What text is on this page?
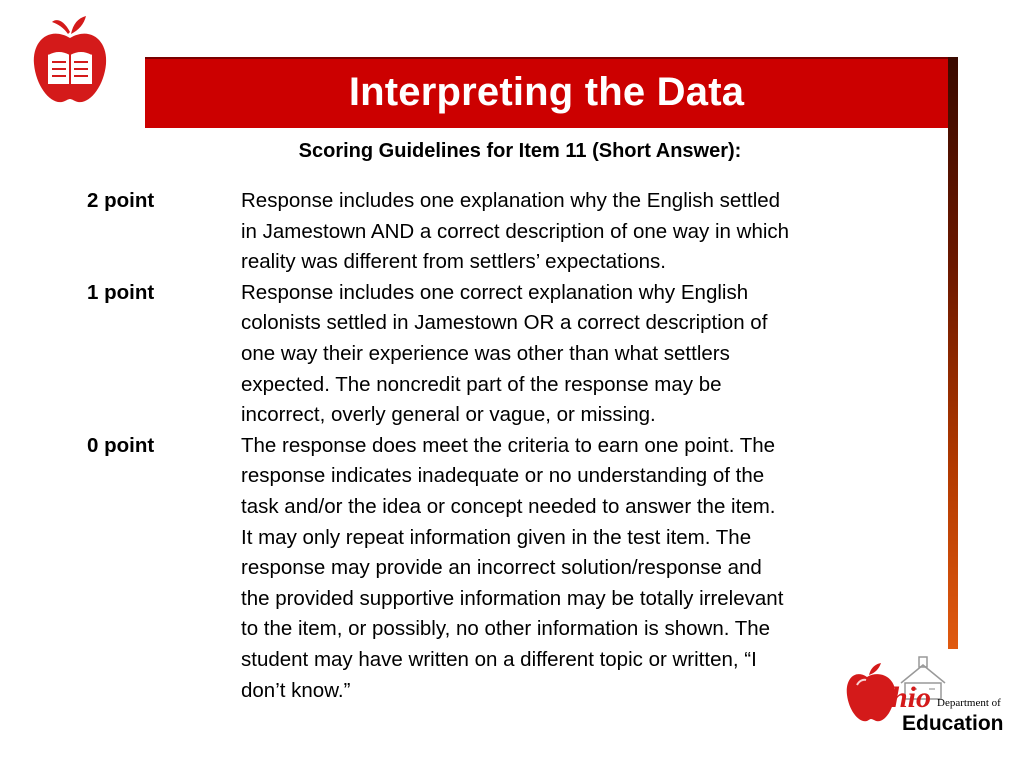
Interpreting the Data
Scoring Guidelines for Item 11 (Short Answer):
2 point	Response includes one explanation why the English settled
in Jamestown AND a correct description of one way in which
reality was different from settlers’ expectations.
1 point	Response includes one correct explanation why English
colonists settled in Jamestown OR a correct description of
one way their experience was other than what settlers
expected. The noncredit part of the response may be
incorrect, overly general or vague, or missing.
0 point	The response does meet the criteria to earn one point. The
response indicates inadequate or no understanding of the
task and/or the idea or concept needed to answer the item.
It may only repeat information given in the test item. The
response may provide an incorrect solution/response and
the provided supportive information may be totally irrelevant
to the item, or possibly, no other information is shown. The
student may have written on a different topic or written, “I
don’t know.”	hio Department of
Education
